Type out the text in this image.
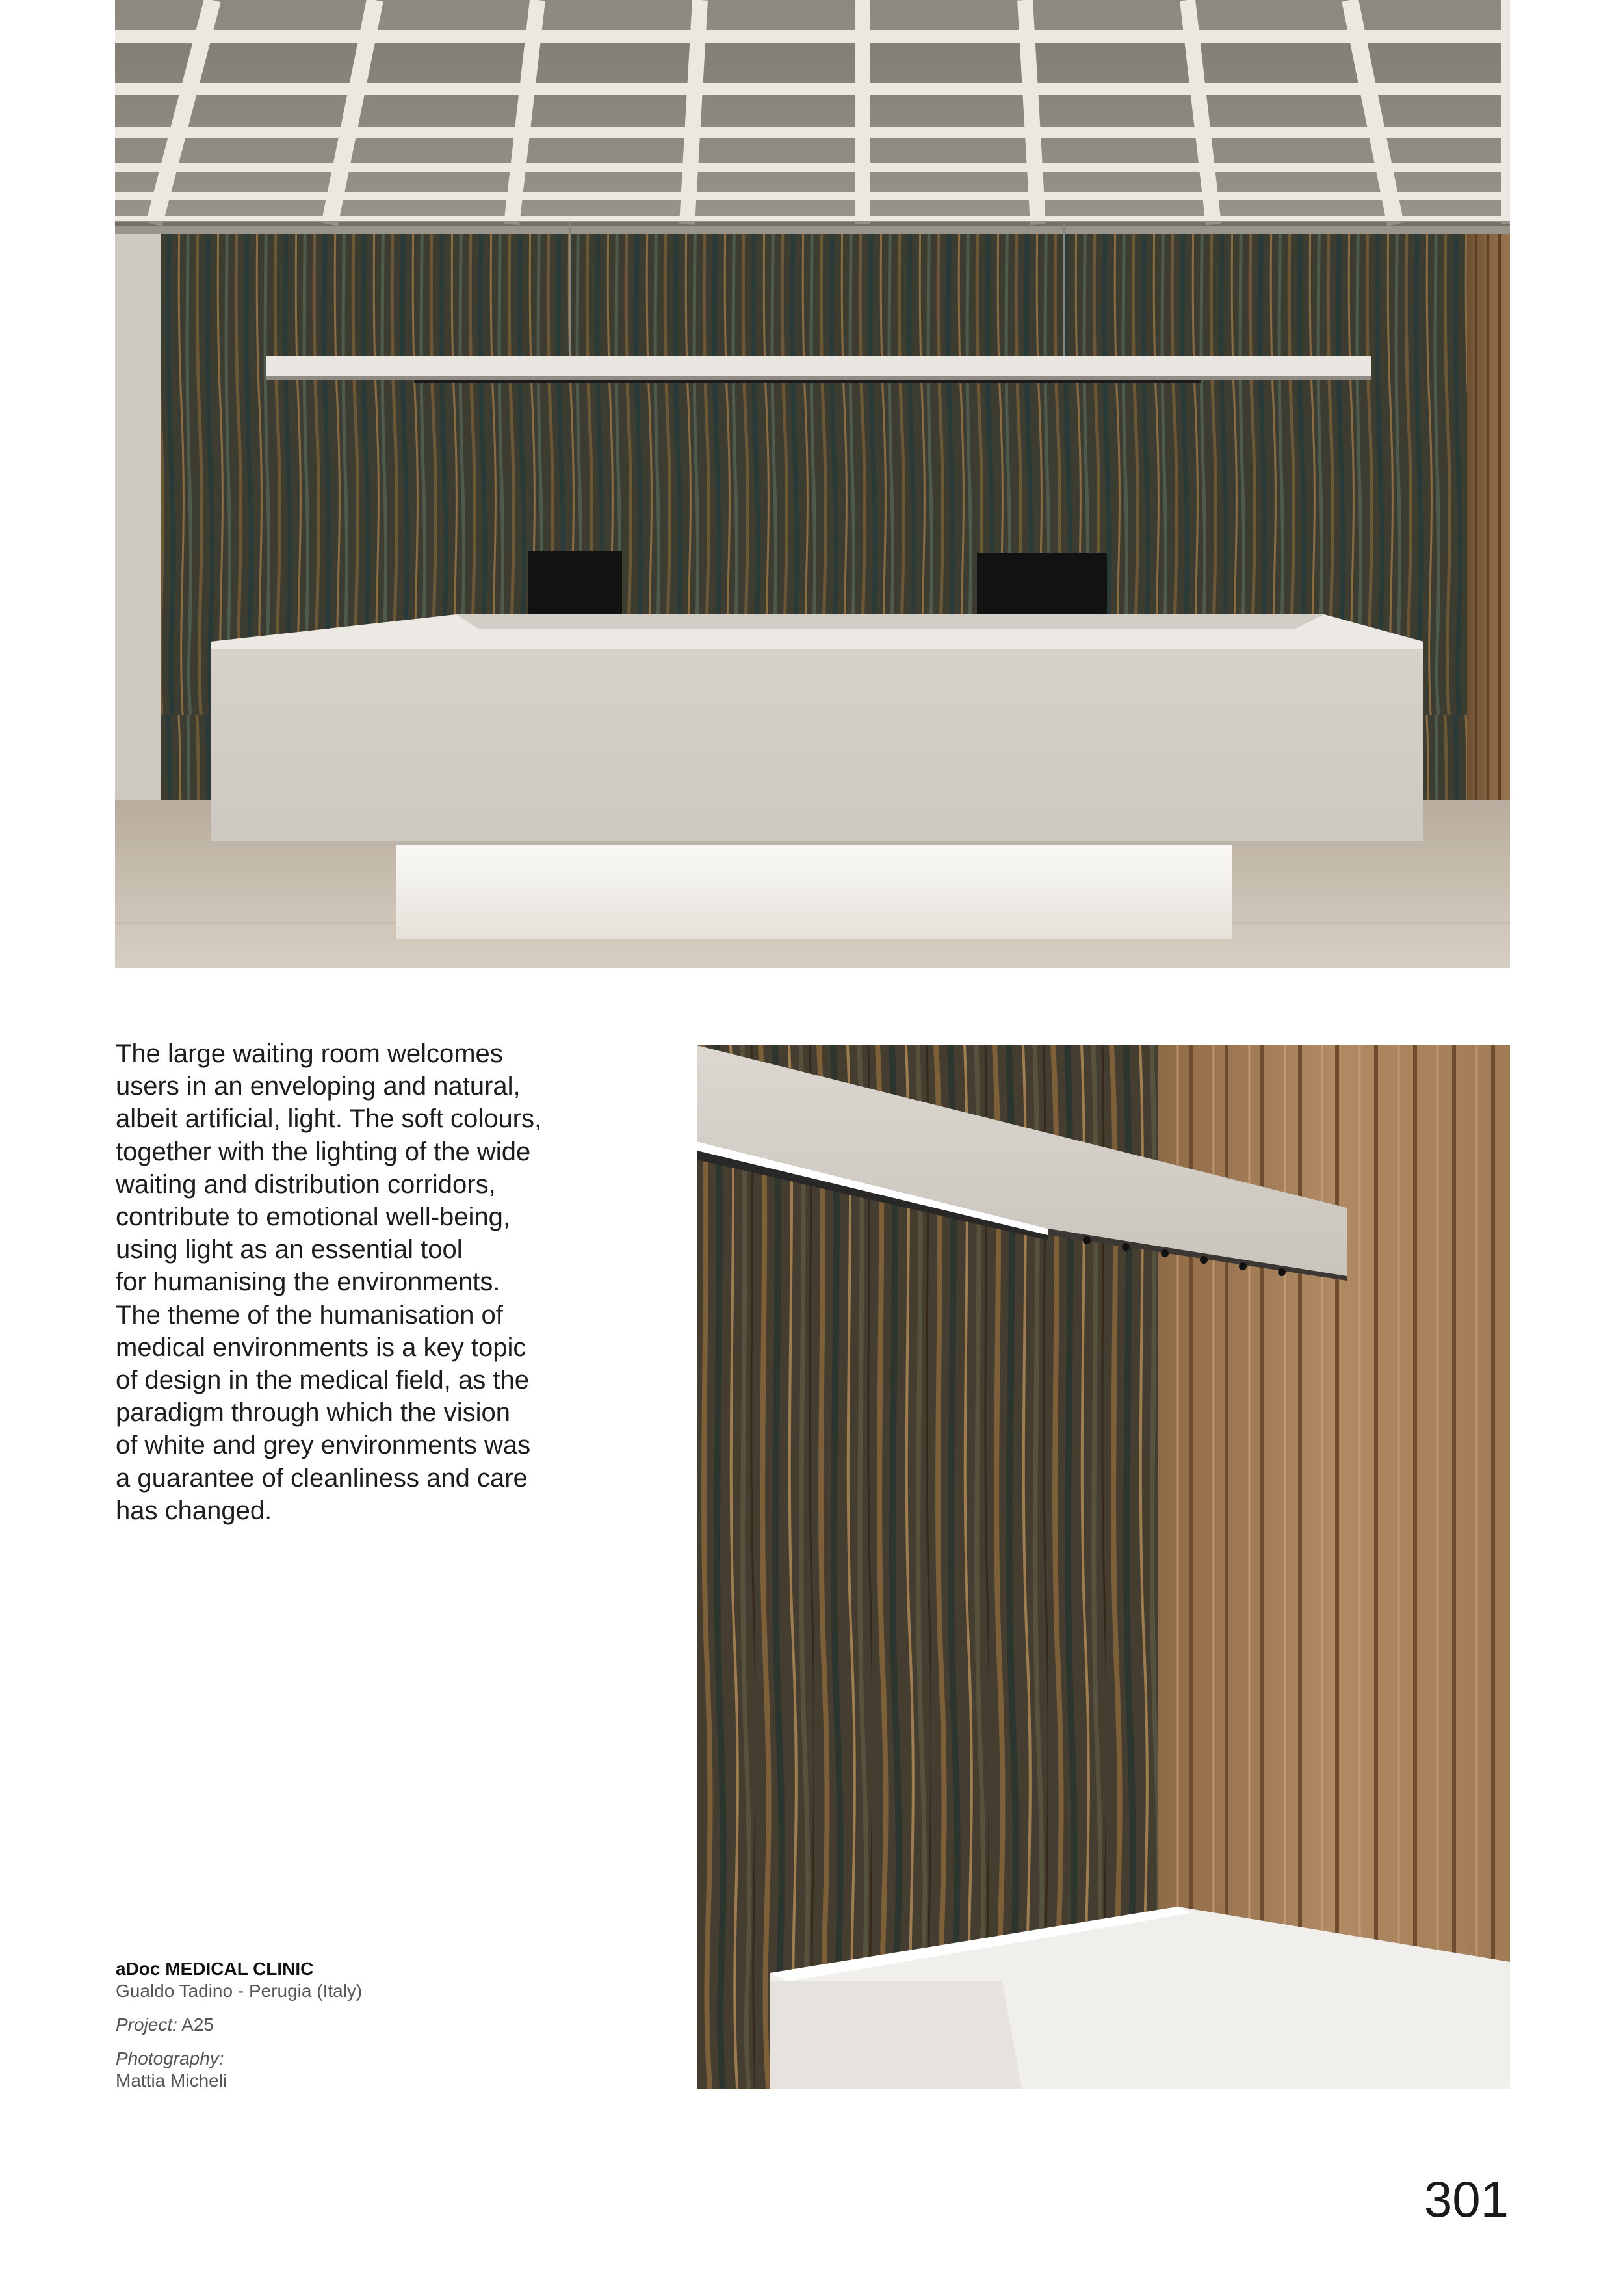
The large waiting room welcomes
users in an enveloping and natural,
albeit artificial, light. The soft colours,
together with the lighting of the wide
waiting and distribution corridors,
contribute to emotional well-being,
using light as an essential tool
for humanising the environments.
The theme of the humanisation of
medical environments is a key topic
of design in the medical field, as the
paradigm through which the vision
of white and grey environments was
a guarantee of cleanliness and care
has changed.

aDoc MEDICAL CLINIC
Gualdo Tadino - Perugia (Italy)
Project: A25
Photography:
Mattia Micheli
301
